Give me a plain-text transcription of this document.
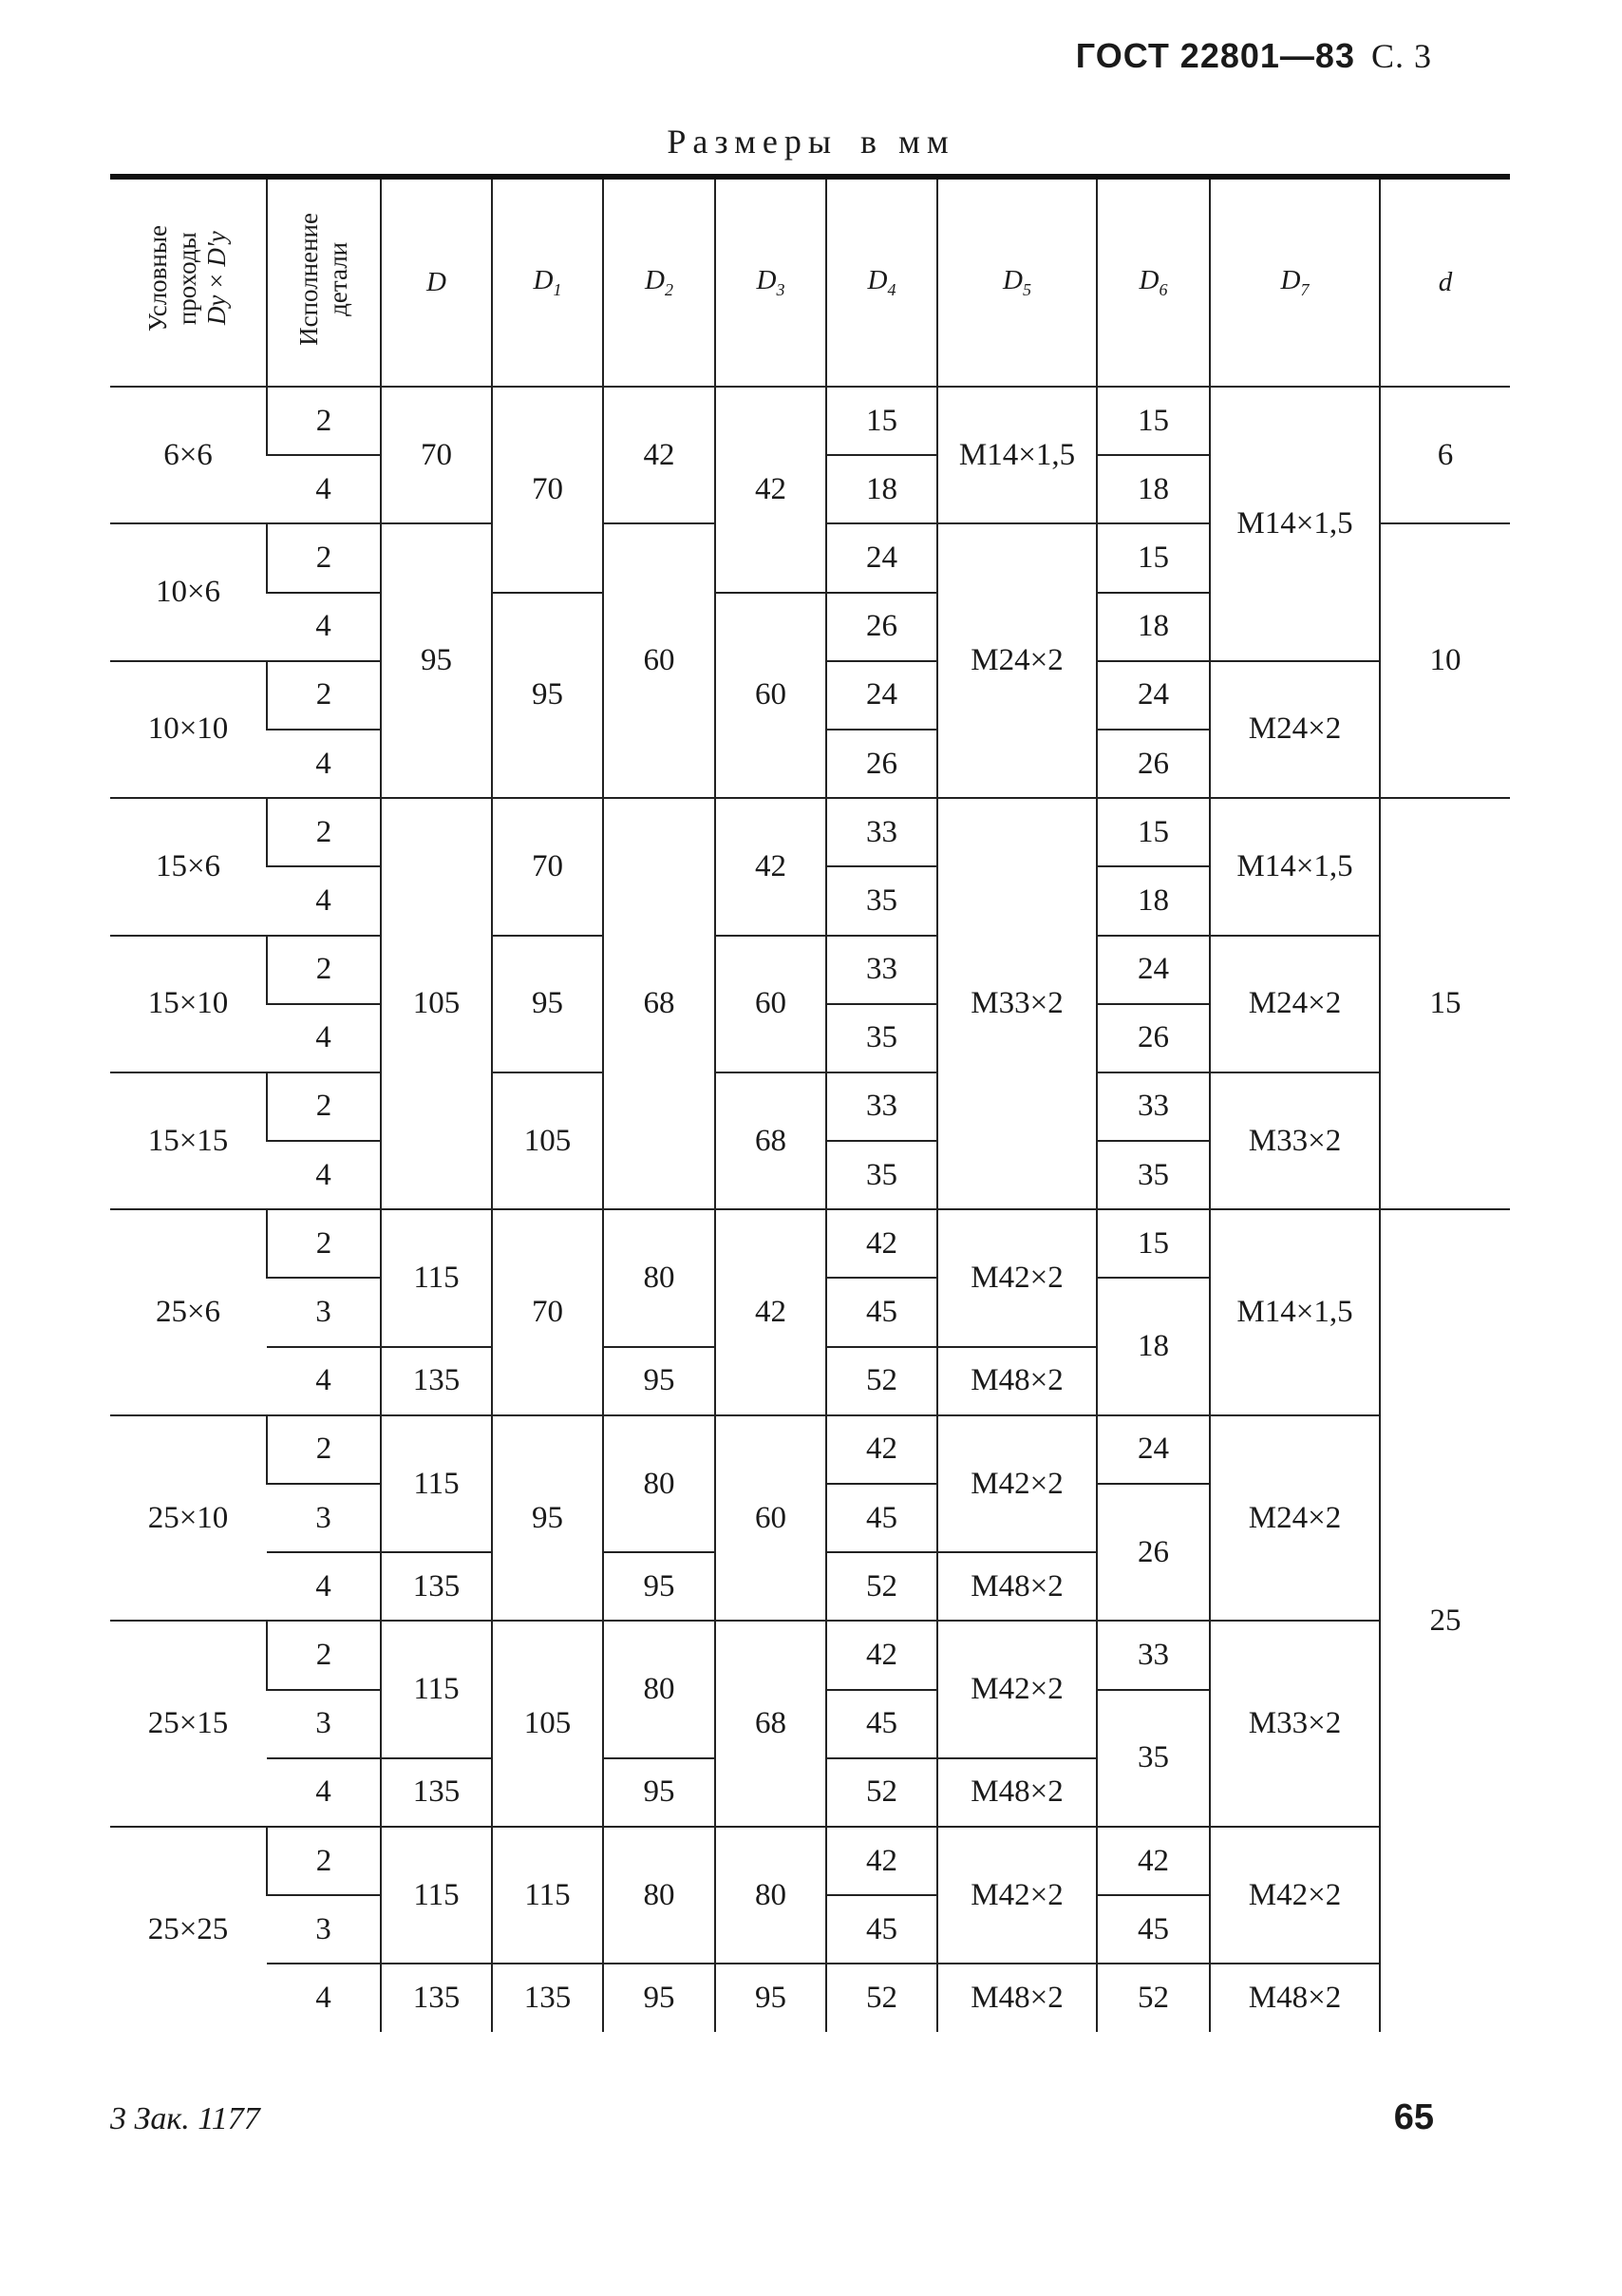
ГОСТ 22801—83 С. 3
Размеры в мм
Условные
проходы
Dу×D′у	Исполнение
детали	D	$D_1$	$D_2$	$D_3$	$D_4$	$D_5$	$D_6$	$D_7$	d
6×6	2	70	70	42	42	15	M14×1,5	15	M14×1,5	6
	4					18		18		
10×6	2	95		60		24	M24×2	15		10
	4		95		60	26		18		
10×10	2					24		24	M24×2	
	4					26		26		
15×6	2	105	70	68	42	33	M33×2	15	M14×1,5	15
	4					35		18		
15×10	2		95		60	33		24	M24×2	
	4					35		26		
15×15	2		105		68	33		33	M33×2	
	4					35		35		
25×6	2	115	70	80	42	42	M42×2	15	M14×1,5	25
	3					45		18		
	4	135		95		52	M48×2			
25×10	2	115	95	80	60	42	M42×2	24	M24×2	
	3					45		26		
	4	135		95		52	M48×2			
25×15	2	115	105	80	68	42	M42×2	33	M33×2	
	3					45		35		
	4	135		95		52	M48×2			
25×25	2	115	115	80	80	42	M42×2	42	M42×2	
	3					45		45		
	4	135	135	95	95	52	M48×2	52	M48×2	
3 Зак. 1177	65
